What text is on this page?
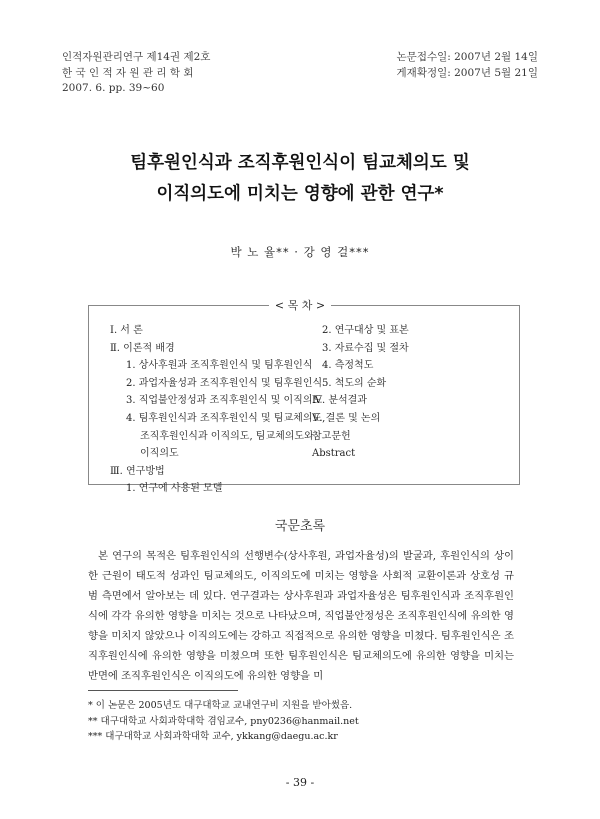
인적자원관리연구 제14권 제2호
한 국 인 적 자 원 관 리 학 회
2007. 6. pp. 39~60
논문접수일: 2007년 2월 14일
게재확정일: 2007년 5월 21일
팀후원인식과 조직후원인식이 팀교체의도 및
이직의도에 미치는 영향에 관한 연구*
박 노 율** · 강 영 걸***
< 목 차 >
Ⅰ. 서 론
Ⅱ. 이론적 배경
1. 상사후원과 조직후원인식 및 팀후원인식
2. 과업자율성과 조직후원인식 및 팀후원인식
3. 직업불안정성과 조직후원인식 및 이직의도
4. 팀후원인식과 조직후원인식 및 팀교체의도,
조직후원인식과 이직의도, 팀교체의도와
이직의도
Ⅲ. 연구방법
1. 연구에 사용된 모델
2. 연구대상 및 표본
3. 자료수집 및 절차
4. 측정척도
5. 척도의 순화
Ⅳ. 분석결과
Ⅴ. 결론 및 논의
참고문헌
Abstract
국문초록

본 연구의 목적은 팀후원인식의 선행변수(상사후원, 과업자율성)의 발굴과, 후원인식의 상이한 근원이 태도적 성과인 팀교체의도, 이직의도에 미치는 영향을 사회적 교환이론과 상호성 규범 측면에서 알아보는 데 있다. 연구결과는 상사후원과 과업자율성은 팀후원인식과 조직후원인식에 각각 유의한 영향을 미치는 것으로 나타났으며, 직업불안정성은 조직후원인식에 유의한 영향을 미치지 않았으나 이직의도에는 강하고 직접적으로 유의한 영향을 미쳤다. 팀후원인식은 조직후원인식에 유의한 영향을 미쳤으며 또한 팀후원인식은 팀교체의도에 유의한 영향을 미치는 반면에 조직후원인식은 이직의도에 유의한 영향을 미

* 이 논문은 2005년도 대구대학교 교내연구비 지원을 받아썼음.
** 대구대학교 사회과학대학 겸임교수, pny0236@hanmail.net
*** 대구대학교 사회과학대학 교수, ykkang@daegu.ac.kr
- 39 -
